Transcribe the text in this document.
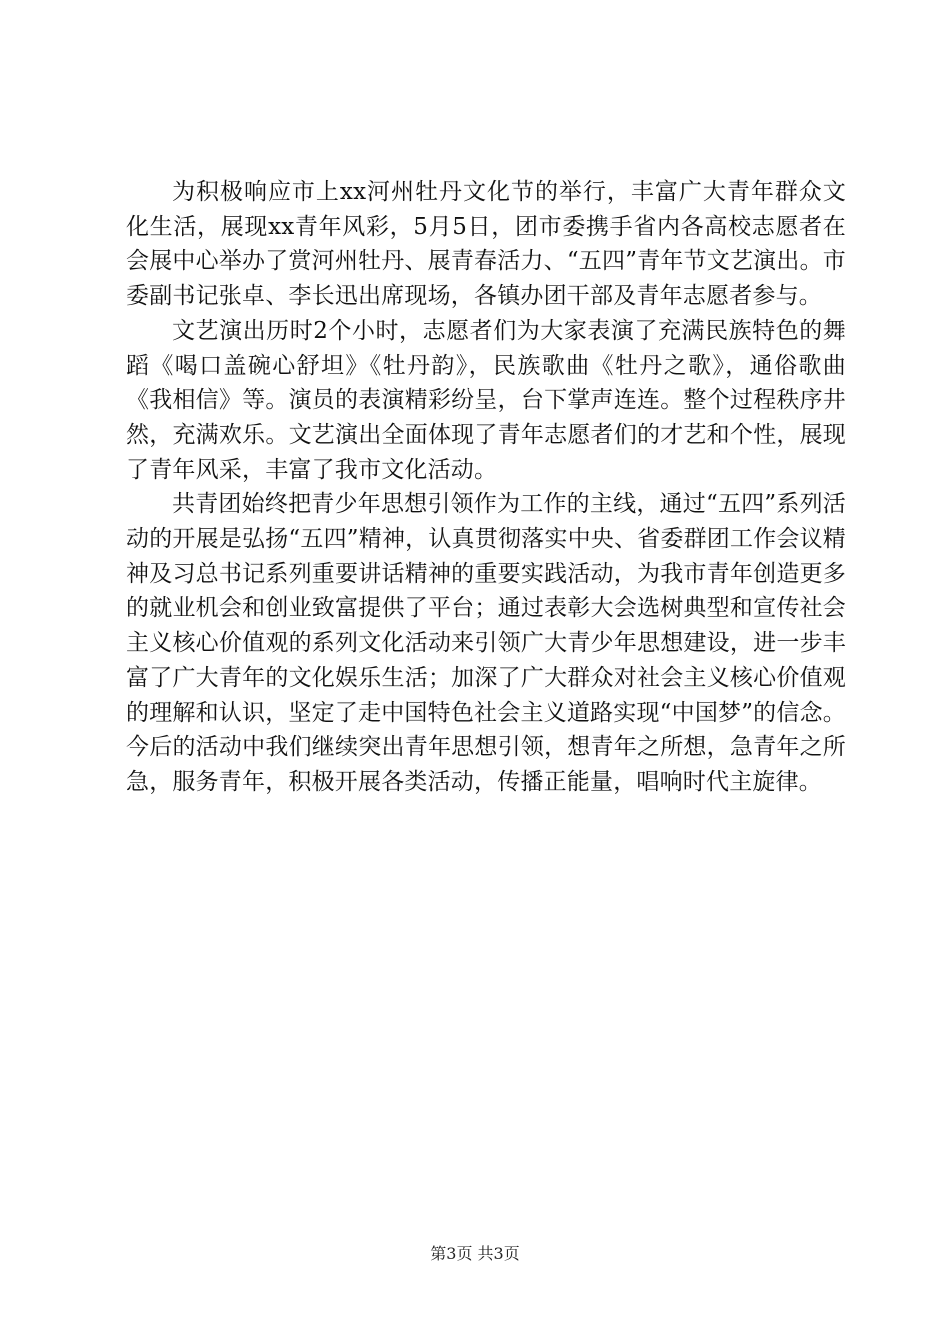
为积极响应市上xx河州牡丹文化节的举行，丰富广大青年群众文化生活，展现xx青年风彩，5月5日，团市委携手省内各高校志愿者在会展中心举办了赏河州牡丹、展青春活力、“五四”青年节文艺演出。市委副书记张卓、李长迅出席现场，各镇办团干部及青年志愿者参与。

文艺演出历时2个小时，志愿者们为大家表演了充满民族特色的舞蹈《喝口盖碗心舒坦》《牡丹韵》，民族歌曲《牡丹之歌》，通俗歌曲《我相信》等。演员的表演精彩纷呈，台下掌声连连。整个过程秩序井然，充满欢乐。文艺演出全面体现了青年志愿者们的才艺和个性，展现了青年风采，丰富了我市文化活动。

共青团始终把青少年思想引领作为工作的主线，通过“五四”系列活动的开展是弘扬“五四”精神，认真贯彻落实中央、省委群团工作会议精神及习总书记系列重要讲话精神的重要实践活动，为我市青年创造更多的就业机会和创业致富提供了平台；通过表彰大会选树典型和宣传社会主义核心价值观的系列文化活动来引领广大青少年思想建设，进一步丰富了广大青年的文化娱乐生活；加深了广大群众对社会主义核心价值观的理解和认识，坚定了走中国特色社会主义道路实现“中国梦”的信念。今后的活动中我们继续突出青年思想引领，想青年之所想，急青年之所急，服务青年，积极开展各类活动，传播正能量，唱响时代主旋律。

第3页 共3页
